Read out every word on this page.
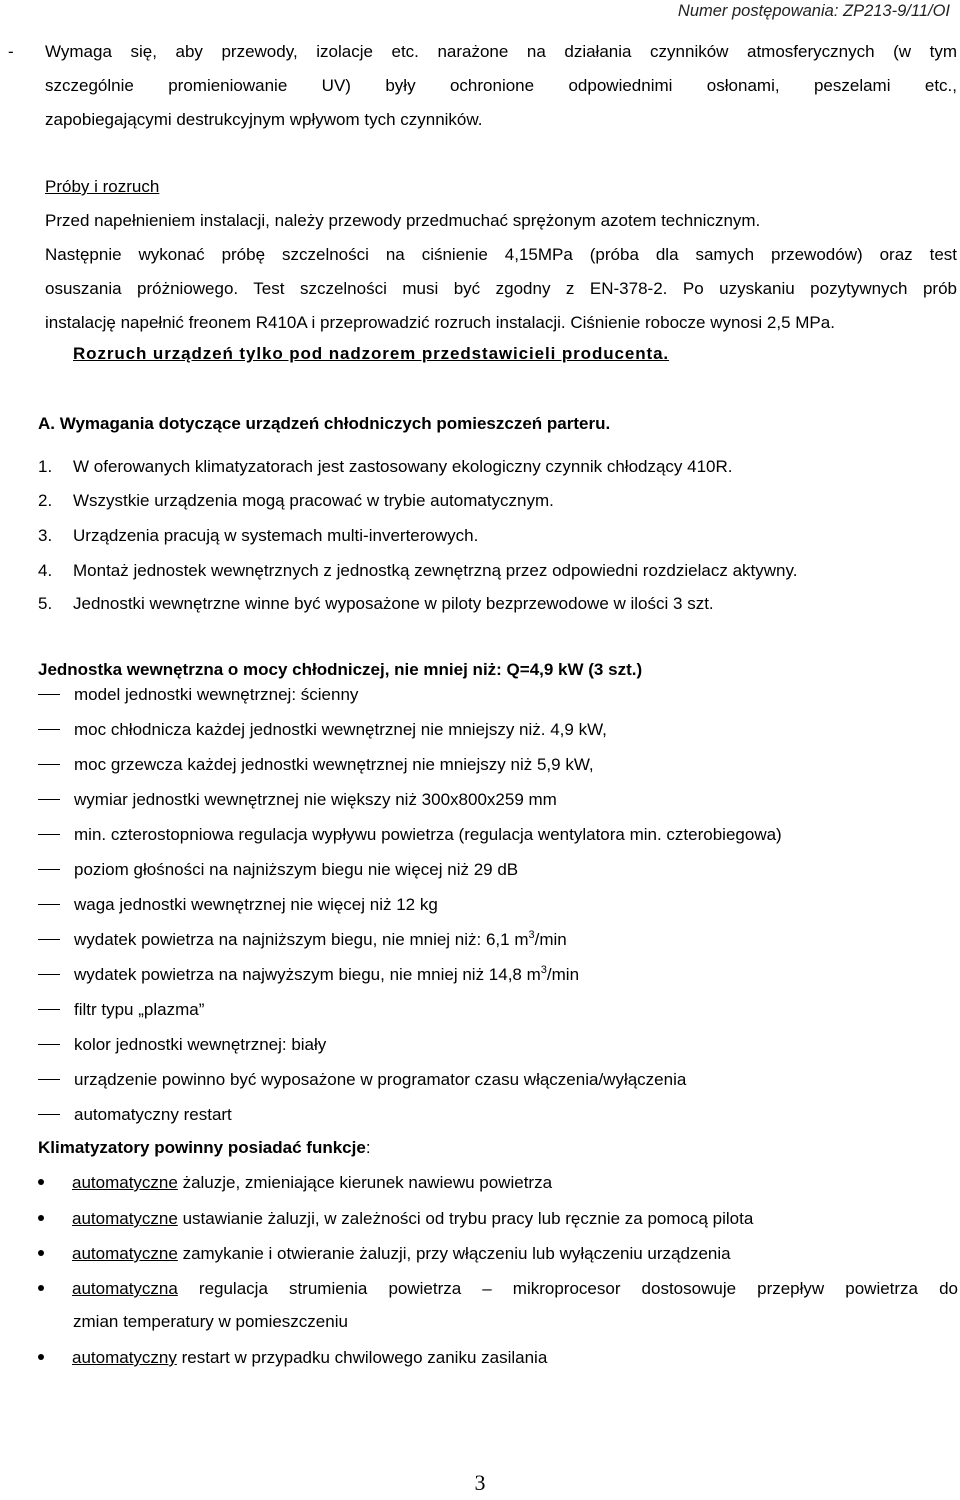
Numer postępowania: ZP213-9/11/OI
- Wymaga się, aby przewody, izolacje etc. narażone na działania czynników atmosferycznych (w tym
szczególnie promieniowanie UV) były ochronione odpowiednimi osłonami, peszelami etc.,
zapobiegającymi destrukcyjnym wpływom tych czynników.
Próby i rozruch
Przed napełnieniem instalacji, należy przewody przedmuchać sprężonym azotem technicznym.
Następnie wykonać próbę szczelności na ciśnienie 4,15MPa (próba dla samych przewodów) oraz test
osuszania próżniowego. Test szczelności musi być zgodny z EN-378-2. Po uzyskaniu pozytywnych prób
instalację napełnić freonem R410A i przeprowadzić rozruch instalacji. Ciśnienie robocze wynosi 2,5 MPa.
Rozruch urządzeń tylko pod nadzorem przedstawicieli producenta.
A. Wymagania dotyczące urządzeń chłodniczych pomieszczeń parteru.
1. W oferowanych klimatyzatorach jest zastosowany ekologiczny czynnik chłodzący 410R.
2. Wszystkie urządzenia mogą pracować w trybie automatycznym.
3. Urządzenia pracują w systemach multi-inverterowych.
4. Montaż jednostek wewnętrznych z jednostką zewnętrzną przez odpowiedni rozdzielacz aktywny.
5. Jednostki wewnętrzne winne być wyposażone w piloty bezprzewodowe w ilości 3 szt.
Jednostka wewnętrzna o mocy chłodniczej, nie mniej niż: Q=4,9 kW (3 szt.)
model jednostki wewnętrznej: ścienny
moc chłodnicza każdej jednostki wewnętrznej nie mniejszy niż. 4,9 kW,
moc grzewcza każdej jednostki wewnętrznej nie mniejszy niż 5,9 kW,
wymiar jednostki wewnętrznej nie większy niż 300x800x259 mm
min. czterostopniowa regulacja wypływu powietrza (regulacja wentylatora min. czterobiegowa)
poziom głośności na najniższym biegu nie więcej niż 29 dB
waga jednostki wewnętrznej nie więcej niż 12 kg
wydatek powietrza na najniższym biegu, nie mniej niż: 6,1 $m^3/\min$
wydatek powietrza na najwyższym biegu, nie mniej niż 14,8 $m^3/\min$
filtr typu „plazma”
kolor jednostki wewnętrznej: biały
urządzenie powinno być wyposażone w programator czasu włączenia/wyłączenia
automatyczny restart
Klimatyzatory powinny posiadać funkcje:
automatyczne żaluzje, zmieniające kierunek nawiewu powietrza
automatyczne ustawianie żaluzji, w zależności od trybu pracy lub ręcznie za pomocą pilota
automatyczne zamykanie i otwieranie żaluzji, przy włączeniu lub wyłączeniu urządzenia
automatyczna regulacja strumienia powietrza – mikroprocesor dostosowuje przepływ powietrza do
zmian temperatury w pomieszczeniu
automatyczny restart w przypadku chwilowego zaniku zasilania
3
